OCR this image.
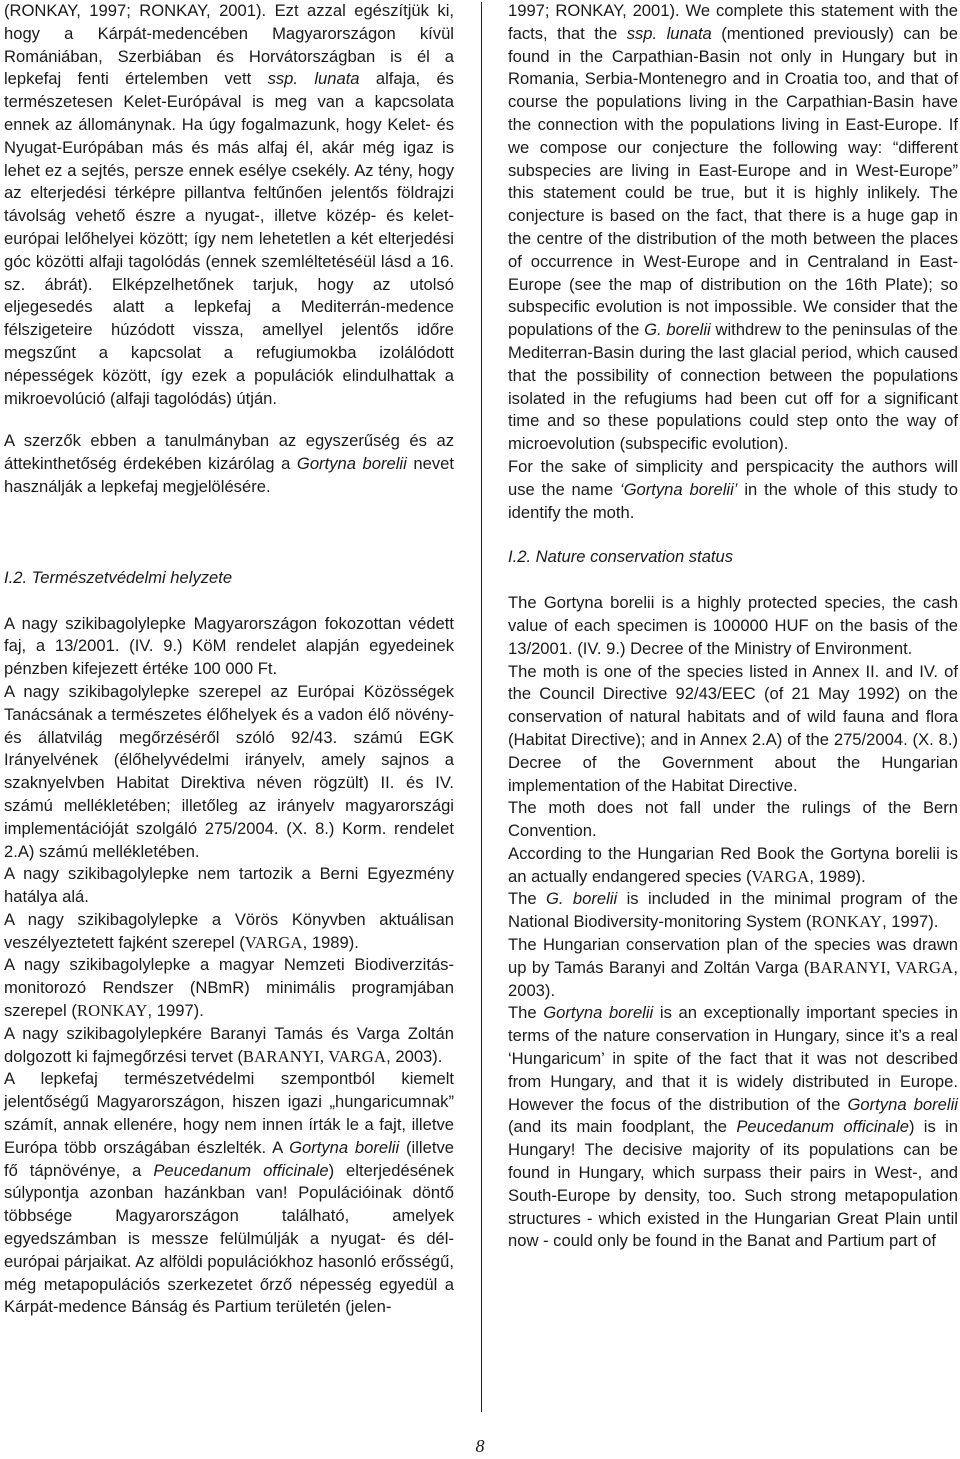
(RONKAY, 1997; RONKAY, 2001). Ezt azzal egészítjük ki, hogy a Kárpát-medencében Magyarországon kívül Romániában, Szerbiában és Horvátországban is él a lepkefaj fenti értelemben vett ssp. lunata alfaja, és természetesen Kelet-Európával is meg van a kapcsolata ennek az állománynak. Ha úgy fogalmazunk, hogy Kelet- és Nyugat-Európában más és más alfaj él, akár még igaz is lehet ez a sejtés, persze ennek esélye csekély. Az tény, hogy az elterjedési térképre pillantva feltűnően jelentős földrajzi távolság vehető észre a nyugat-, illetve közép- és kelet-európai lelőhelyei között; így nem lehetetlen a két elterjedési góc közötti alfaji tagolódás (ennek szemléltetéséül lásd a 16. sz. ábrát). Elképzelhetőnek tarjuk, hogy az utolsó eljegesedés alatt a lepkefaj a Mediterrán-medence félszigeteire húzódott vissza, amellyel jelentős időre megszűnt a kapcsolat a refugiumokba izolálódott népességek között, így ezek a populációk elindulhattak a mikroevolúció (alfaji tagolódás) útján.

A szerzők ebben a tanulmányban az egyszerűség és az áttekinthetőség érdekében kizárólag a Gortyna borelii nevet használják a lepkefaj megjelölésére.

I.2. Természetvédelmi helyzete

A nagy szikibagolylepke Magyarországon fokozottan védett faj, a 13/2001. (IV. 9.) KöM rendelet alapján egyedeinek pénzben kifejezett értéke 100 000 Ft.

A nagy szikibagolylepke szerepel az Európai Közösségek Tanácsának a természetes élőhelyek és a vadon élő növény- és állatvilág megőrzéséről szóló 92/43. számú EGK Irányelvének (élőhelyvédelmi irányelv, amely sajnos a szaknyelvben Habitat Direktiva néven rögzült) II. és IV. számú mellékletében; illetőleg az irányelv magyarországi implementációját szolgáló 275/2004. (X. 8.) Korm. rendelet 2.A) számú mellékletében.

A nagy szikibagolylepke nem tartozik a Berni Egyezmény hatálya alá.

A nagy szikibagolylepke a Vörös Könyvben aktuálisan veszélyeztetett fajként szerepel (VARGA, 1989).

A nagy szikibagolylepke a magyar Nemzeti Biodiverzitás-monitorozó Rendszer (NBmR) minimális programjában szerepel (RONKAY, 1997).

A nagy szikibagolylepkére Baranyi Tamás és Varga Zoltán dolgozott ki fajmegőrzési tervet (BARANYI, VARGA, 2003).

A lepkefaj természetvédelmi szempontból kiemelt jelentőségű Magyarországon, hiszen igazi „hungaricumnak” számít, annak ellenére, hogy nem innen írták le a fajt, illetve Európa több országában észlelték. A Gortyna borelii (illetve fő tápnövénye, a Peucedanum officinale) elterjedésének súlypontja azonban hazánkban van! Populációinak döntő többsége Magyarországon található, amelyek egyedszámban is messze felülmúlják a nyugat- és dél-európai párjaikat. Az alföldi populációkhoz hasonló erősségű, még metapopulációs szerkezetet őrző népesség egyedül a Kárpát-medence Bánság és Partium területén (jelen-

1997; RONKAY, 2001). We complete this statement with the facts, that the ssp. lunata (mentioned previously) can be found in the Carpathian-Basin not only in Hungary but in Romania, Serbia-Montenegro and in Croatia too, and that of course the populations living in the Carpathian-Basin have the connection with the populations living in East-Europe. If we compose our conjecture the following way: “different subspecies are living in East-Europe and in West-Europe” this statement could be true, but it is highly inlikely. The conjecture is based on the fact, that there is a huge gap in the centre of the distribution of the moth between the places of occurrence in West-Europe and in Centraland in East-Europe (see the map of distribution on the 16th Plate); so subspecific evolution is not impossible. We consider that the populations of the G. borelii withdrew to the peninsulas of the Mediterran-Basin during the last glacial period, which caused that the possibility of connection between the populations isolated in the refugiums had been cut off for a significant time and so these populations could step onto the way of microevolution (subspecific evolution).

For the sake of simplicity and perspicacity the authors will use the name ‘Gortyna borelii’ in the whole of this study to identify the moth.

I.2. Nature conservation status

The Gortyna borelii is a highly protected species, the cash value of each specimen is 100000 HUF on the basis of the 13/2001. (IV. 9.) Decree of the Ministry of Environment.

The moth is one of the species listed in Annex II. and IV. of the Council Directive 92/43/EEC (of 21 May 1992) on the conservation of natural habitats and of wild fauna and flora (Habitat Directive); and in Annex 2.A) of the 275/2004. (X. 8.) Decree of the Government about the Hungarian implementation of the Habitat Directive.

The moth does not fall under the rulings of the Bern Convention.

According to the Hungarian Red Book the Gortyna borelii is an actually endangered species (VARGA, 1989).

The G. borelii is included in the minimal program of the National Biodiversity-monitoring System (RONKAY, 1997).

The Hungarian conservation plan of the species was drawn up by Tamás Baranyi and Zoltán Varga (BARANYI, VARGA, 2003).

The Gortyna borelii is an exceptionally important species in terms of the nature conservation in Hungary, since it’s a real ‘Hungaricum’ in spite of the fact that it was not described from Hungary, and that it is widely distributed in Europe. However the focus of the distribution of the Gortyna borelii (and its main foodplant, the Peucedanum officinale) is in Hungary! The decisive majority of its populations can be found in Hungary, which surpass their pairs in West-, and South-Europe by density, too. Such strong metapopulation structures - which existed in the Hungarian Great Plain until now - could only be found in the Banat and Partium part of

8
